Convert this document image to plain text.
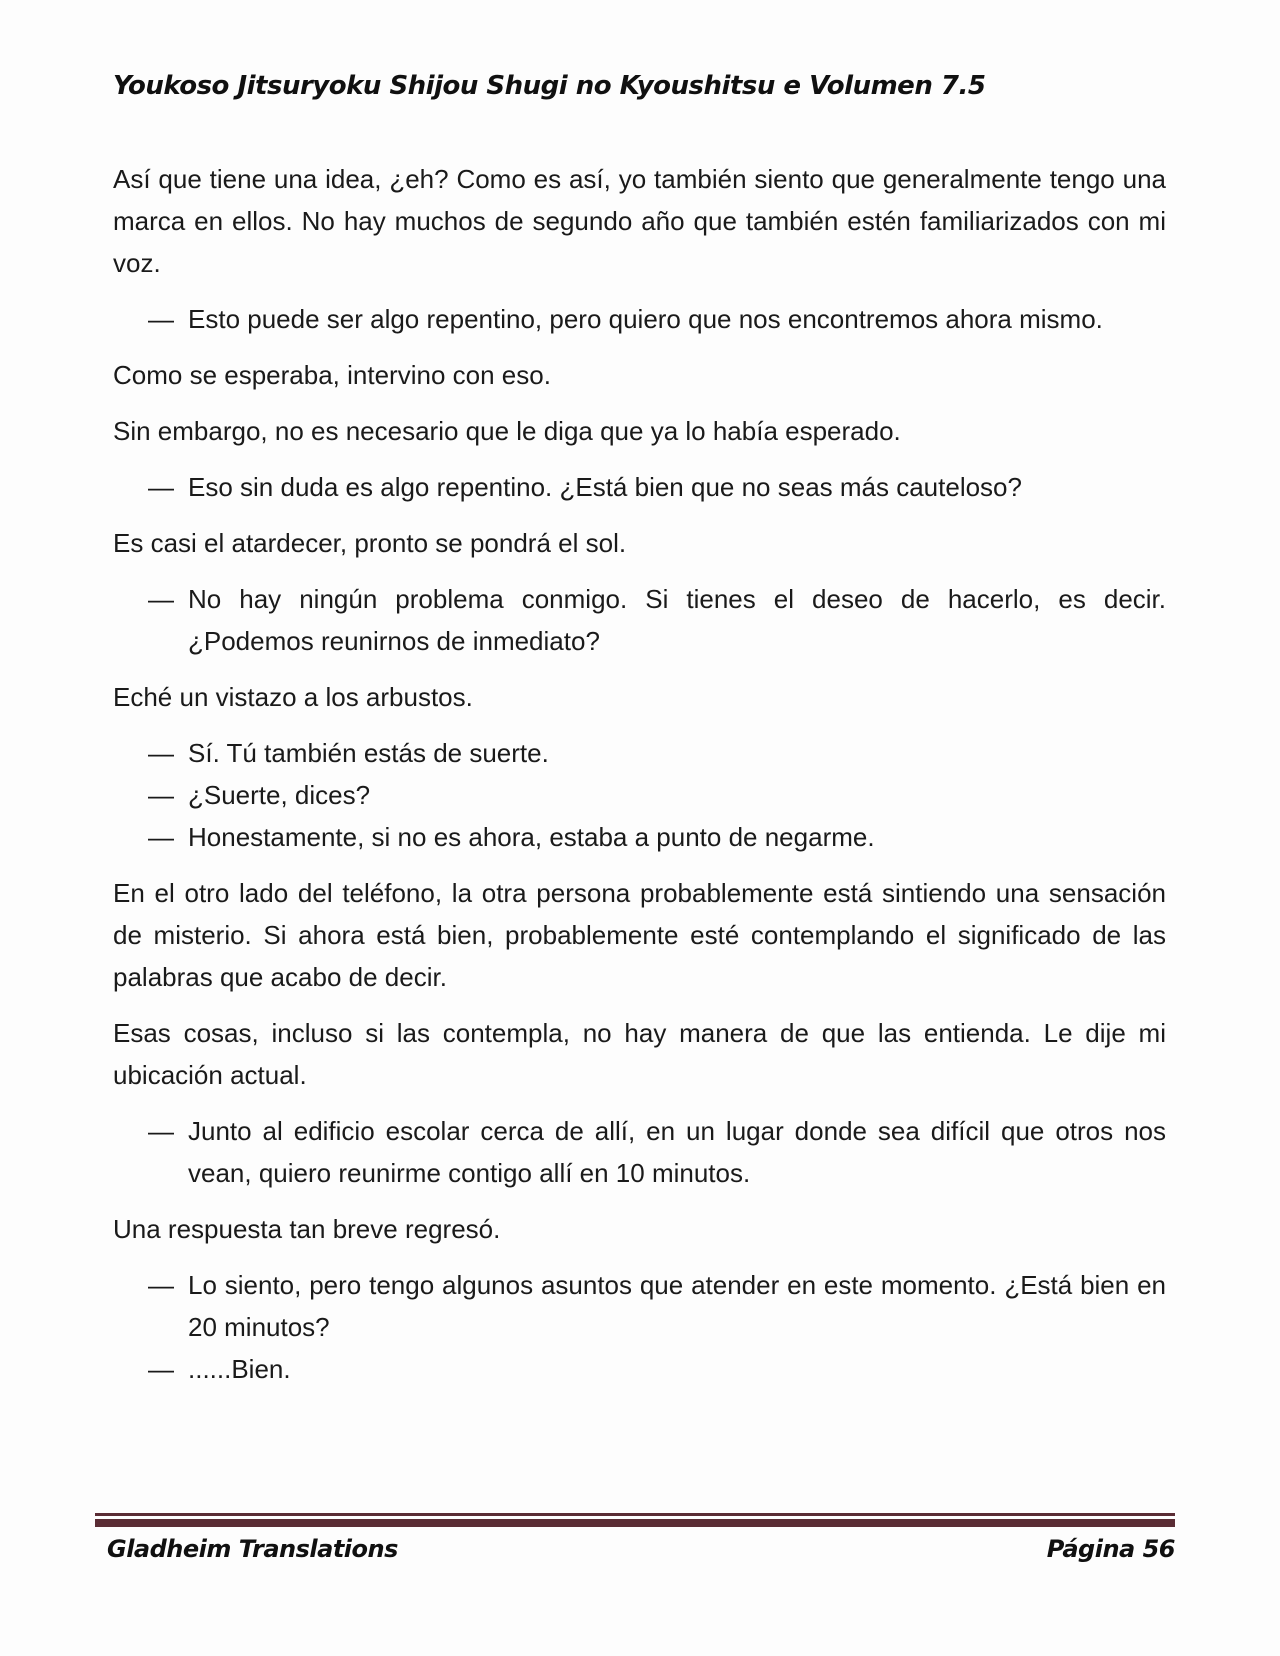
Youkoso Jitsuryoku Shijou Shugi no Kyoushitsu e Volumen 7.5
Así que tiene una idea, ¿eh? Como es así, yo también siento que generalmente tengo una marca en ellos. No hay muchos de segundo año que también estén familiarizados con mi voz.
— Esto puede ser algo repentino, pero quiero que nos encontremos ahora mismo.
Como se esperaba, intervino con eso.
Sin embargo, no es necesario que le diga que ya lo había esperado.
— Eso sin duda es algo repentino. ¿Está bien que no seas más cauteloso?
Es casi el atardecer, pronto se pondrá el sol.
— No hay ningún problema conmigo. Si tienes el deseo de hacerlo, es decir. ¿Podemos reunirnos de inmediato?
Eché un vistazo a los arbustos.
— Sí. Tú también estás de suerte.
— ¿Suerte, dices?
— Honestamente, si no es ahora, estaba a punto de negarme.
En el otro lado del teléfono, la otra persona probablemente está sintiendo una sensación de misterio. Si ahora está bien, probablemente esté contemplando el significado de las palabras que acabo de decir.
Esas cosas, incluso si las contempla, no hay manera de que las entienda. Le dije mi ubicación actual.
— Junto al edificio escolar cerca de allí, en un lugar donde sea difícil que otros nos vean, quiero reunirme contigo allí en 10 minutos.
Una respuesta tan breve regresó.
— Lo siento, pero tengo algunos asuntos que atender en este momento. ¿Está bien en 20 minutos?
— ......Bien.
Gladheim Translations	Página 56
